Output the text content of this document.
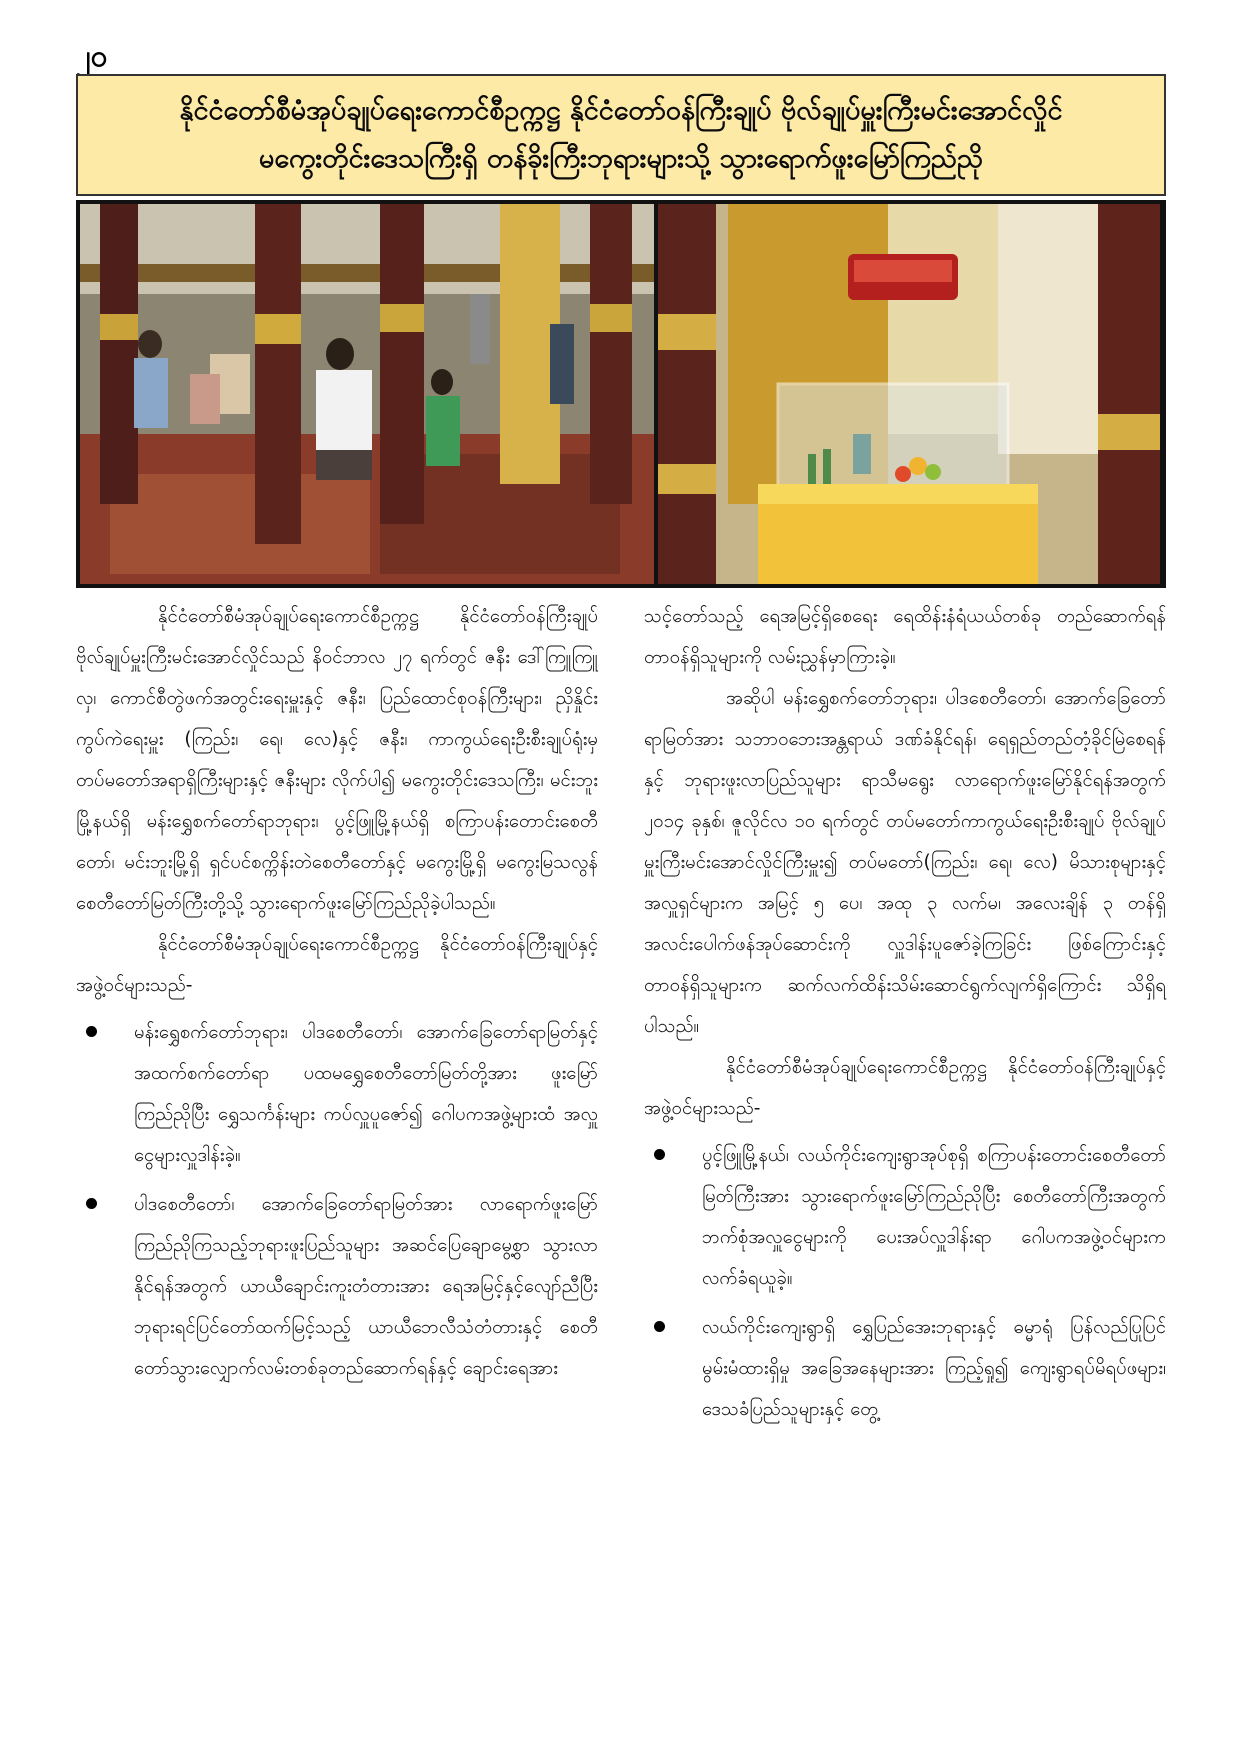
၂၀
နိုင်ငံတော်စီမံအုပ်ချုပ်ရေးကောင်စီဥက္ကဋ္ဌ နိုင်ငံတော်ဝန်ကြီးချုပ် ဗိုလ်ချုပ်မှူးကြီးမင်းအောင်လှိုင်
မကွေးတိုင်းဒေသကြီးရှိ တန်ခိုးကြီးဘုရားများသို့ သွားရောက်ဖူးမြော်ကြည်ညို

နိုင်ငံတော်စီမံအုပ်ချုပ်ရေးကောင်စီဥက္ကဋ္ဌ နိုင်ငံတော်ဝန်ကြီးချုပ် ဗိုလ်ချုပ်မှူးကြီးမင်းအောင်လှိုင်သည် နိဝင်ဘာလ ၂၇ ရက်တွင် ဇနီး ဒေါ်ကြူကြူလှ၊ ကောင်စီတွဲဖက်အတွင်းရေးမှူးနှင့် ဇနီး၊ ပြည်ထောင်စုဝန်ကြီးများ၊ ညှိနှိုင်းကွပ်ကဲရေးမှူး (ကြည်း၊ ရေ၊ လေ)နှင့် ဇနီး၊ ကာကွယ်ရေးဦးစီးချုပ်ရုံးမှ တပ်မတော်အရာရှိကြီးများနှင့် ဇနီးများ လိုက်ပါ၍ မကွေးတိုင်းဒေသကြီး၊ မင်းဘူးမြို့နယ်ရှိ မန်းရွှေစက်တော်ရာဘုရား၊ ပွင့်ဖြူမြို့နယ်ရှိ စကြာပန်းတောင်းစေတီတော်၊ မင်းဘူးမြို့ရှိ ရှင်ပင်စက္ကိန်းတဲစေတီတော်နှင့် မကွေးမြို့ရှိ မကွေးမြသလွန်စေတီတော်မြတ်ကြီးတို့သို့ သွားရောက်ဖူးမြော်ကြည်ညိုခဲ့ပါသည်။

နိုင်ငံတော်စီမံအုပ်ချုပ်ရေးကောင်စီဥက္ကဋ္ဌ နိုင်ငံတော်ဝန်ကြီးချုပ်နှင့် အဖွဲ့ဝင်များသည်-

မန်းရွှေစက်တော်ဘုရား၊ ပါဒစေတီတော်၊ အောက်ခြေတော်ရာမြတ်နှင့် အထက်စက်တော်ရာ ပထမရွှေစေတီတော်မြတ်တို့အား ဖူးမြော်ကြည်ညိုပြီး ရွှေသင်္ကန်းများ ကပ်လှူပူဇော်၍ ဂေါပကအဖွဲ့များထံ အလှူငွေများလှူဒါန်းခဲ့။
ပါဒစေတီတော်၊ အောက်ခြေတော်ရာမြတ်အား လာရောက်ဖူးမြော်ကြည်ညိုကြသည့်ဘုရားဖူးပြည်သူများ အဆင်ပြေချောမွေ့စွာ သွားလာနိုင်ရန်အတွက် ယာယီချောင်းကူးတံတားအား ရေအမြင့်နှင့်လျော်ညီပြီး ဘုရားရင်ပြင်တော်ထက်မြင့်သည့် ယာယီဘေလီသံတံတားနှင့် စေတီတော်သွားလျှောက်လမ်းတစ်ခုတည်ဆောက်ရန်နှင့် ချောင်းရေအား

သင့်တော်သည့် ရေအမြင့်ရှိစေရေး ရေထိန်းနံရံယယ်တစ်ခု တည်ဆောက်ရန် တာဝန်ရှိသူများကို လမ်းညွှန်မှာကြားခဲ့။

အဆိုပါ မန်းရွှေစက်တော်ဘုရား၊ ပါဒစေတီတော်၊ အောက်ခြေတော်ရာမြတ်အား သဘာဝဘေးအန္တရာယ် ဒဏ်ခံနိုင်ရန်၊ ရေရှည်တည်တံ့ခိုင်မြဲစေရန်နှင့် ဘုရားဖူးလာပြည်သူများ ရာသီမရွေး လာရောက်ဖူးမြော်နိုင်ရန်အတွက် ၂၀၁၄ ခုနှစ်၊ ဇူလိုင်လ ၁၀ ရက်တွင် တပ်မတော်ကာကွယ်ရေးဦးစီးချုပ် ဗိုလ်ချုပ်မှူးကြီးမင်းအောင်လှိုင်ကြီးမှူး၍ တပ်မတော်(ကြည်း၊ ရေ၊ လေ) မိသားစုများနှင့် အလှူရှင်များက အမြင့် ၅ ပေ၊ အထု ၃ လက်မ၊ အလေးချိန် ၃ တန်ရှိ အလင်းပေါက်ဖန်အုပ်ဆောင်းကို လှူဒါန်းပူဇော်ခဲ့ကြခြင်း ဖြစ်ကြောင်းနှင့် တာဝန်ရှိသူများက ဆက်လက်ထိန်းသိမ်းဆောင်ရွက်လျက်ရှိကြောင်း သိရှိရပါသည်။

နိုင်ငံတော်စီမံအုပ်ချုပ်ရေးကောင်စီဥက္ကဋ္ဌ နိုင်ငံတော်ဝန်ကြီးချုပ်နှင့် အဖွဲ့ဝင်များသည်-

ပွင့်ဖြူမြို့နယ်၊ လယ်ကိုင်းကျေးရွာအုပ်စုရှိ စကြာပန်းတောင်းစေတီတော်မြတ်ကြီးအား သွားရောက်ဖူးမြော်ကြည်ညိုပြီး စေတီတော်ကြီးအတွက် ဘက်စုံအလှူငွေများကို ပေးအပ်လှူဒါန်းရာ ဂေါပကအဖွဲ့ဝင်များက လက်ခံရယူခဲ့။
လယ်ကိုင်းကျေးရွာရှိ ရွှေပြည်အေးဘုရားနှင့် ဓမ္မာရုံ ပြန်လည်ပြုပြင်မွမ်းမံထားရှိမှု အခြေအနေများအား ကြည့်ရှု၍ ကျေးရွာရပ်မိရပ်ဖများ၊ ဒေသခံပြည်သူများနှင့် တွေ့
